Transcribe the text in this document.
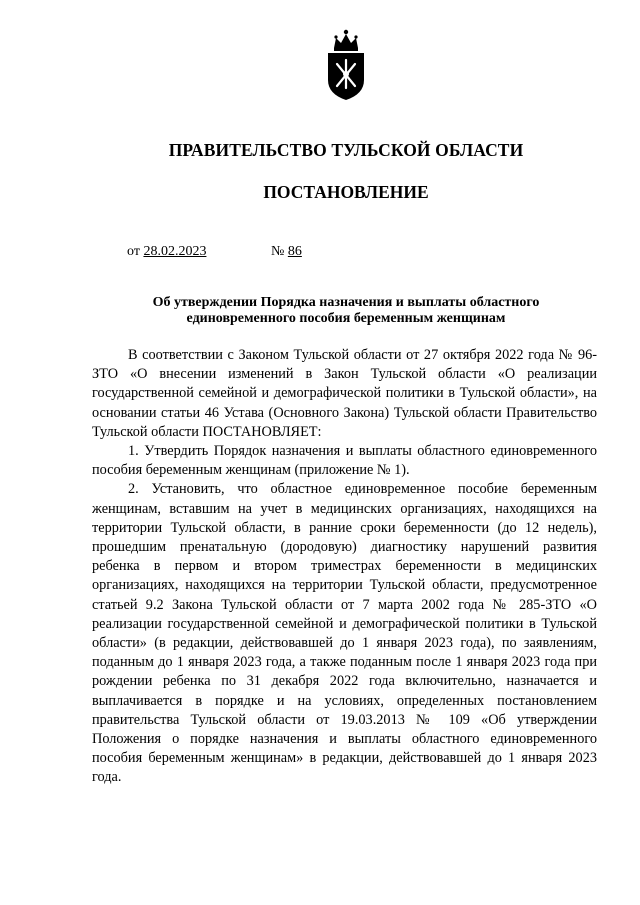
ПРАВИТЕЛЬСТВО ТУЛЬСКОЙ ОБЛАСТИ
ПОСТАНОВЛЕНИЕ
от 28.02.2023	№ 86
Об утверждении Порядка назначения и выплаты областного
единовременного пособия беременным женщинам

В соответствии с Законом Тульской области от 27 октября 2022 года № 96-ЗТО «О внесении изменений в Закон Тульской области «О реализации государственной семейной и демографической политики в Тульской области», на основании статьи 46 Устава (Основного Закона) Тульской области Правительство Тульской области ПОСТАНОВЛЯЕТ:

1. Утвердить Порядок назначения и выплаты областного единовременного пособия беременным женщинам (приложение № 1).

2. Установить, что областное единовременное пособие беременным женщинам, вставшим на учет в медицинских организациях, находящихся на территории Тульской области, в ранние сроки беременности (до 12 недель), прошедшим пренатальную (дородовую) диагностику нарушений развития ребенка в первом и втором триместрах беременности в медицинских организациях, находящихся на территории Тульской области, предусмотренное статьей 9.2 Закона Тульской области от 7 марта 2002 года № 285-ЗТО «О реализации государственной семейной и демографической политики в Тульской области» (в редакции, действовавшей до 1 января 2023 года), по заявлениям, поданным до 1 января 2023 года, а также поданным после 1 января 2023 года при рождении ребенка по 31 декабря 2022 года включительно, назначается и выплачивается в порядке и на условиях, определенных постановлением правительства Тульской области от 19.03.2013 № 109 «Об утверждении Положения о порядке назначения и выплаты областного единовременного пособия беременным женщинам» в редакции, действовавшей до 1 января 2023 года.
